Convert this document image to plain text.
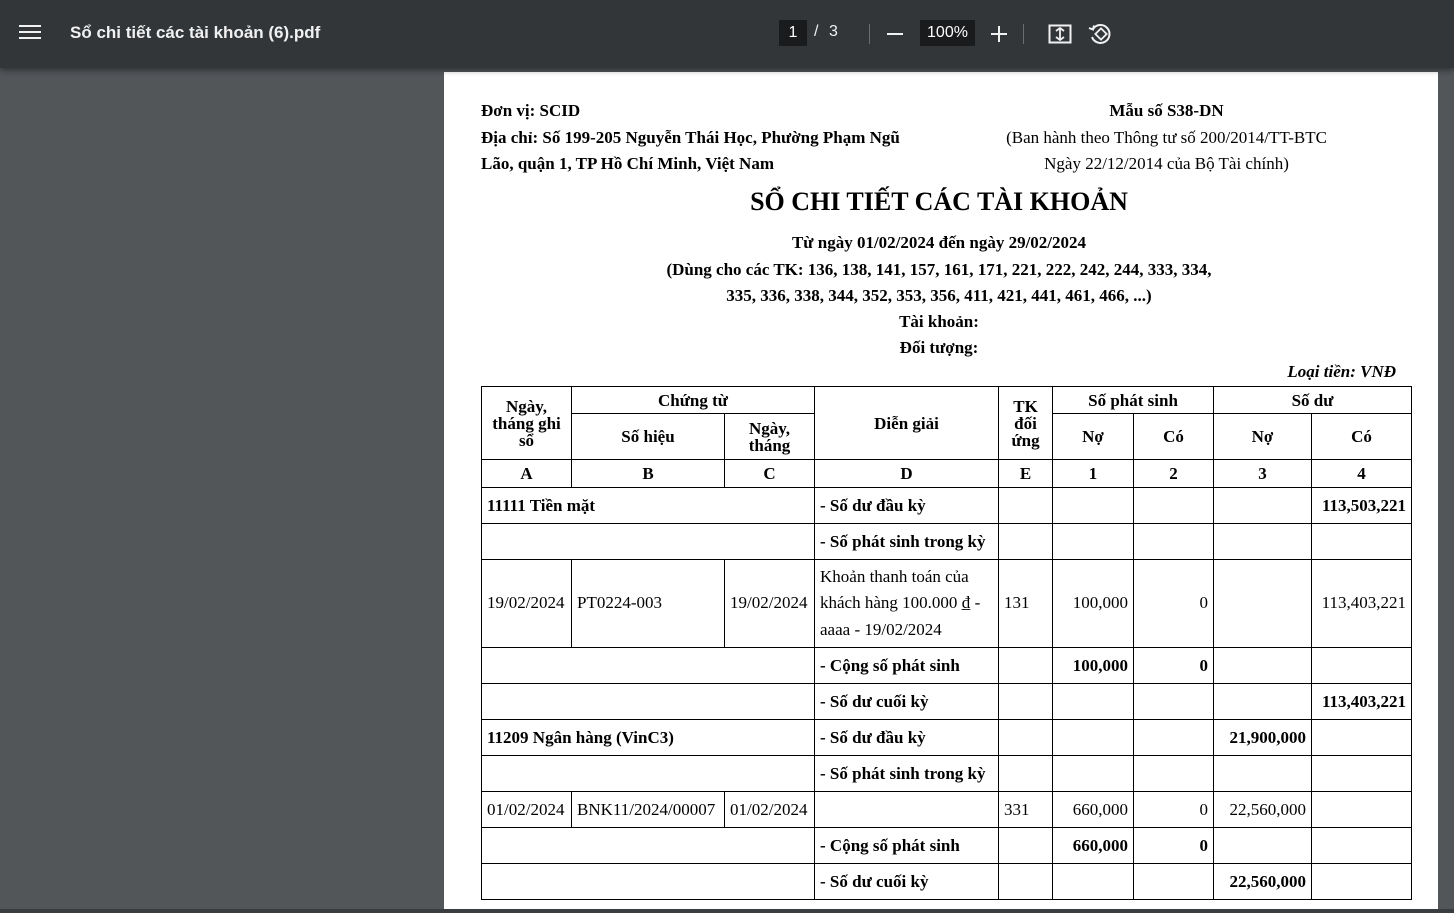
Sổ chi tiết các tài khoản (6).pdf
1	/ 3
100%
Đơn vị: SCID
Địa chỉ: Số 199-205 Nguyễn Thái Học, Phường Phạm Ngũ
Lão, quận 1, TP Hồ Chí Minh, Việt Nam
Mẫu số S38-DN
(Ban hành theo Thông tư số 200/2014/TT-BTC
Ngày 22/12/2014 của Bộ Tài chính)
SỔ CHI TIẾT CÁC TÀI KHOẢN
Từ ngày 01/02/2024 đến ngày 29/02/2024
(Dùng cho các TK: 136, 138, 141, 157, 161, 171, 221, 222, 242, 244, 333, 334,
335, 336, 338, 344, 352, 353, 356, 411, 421, 441, 461, 466, ...)
Tài khoản:
Đối tượng:
Loại tiền: VNĐ
Ngày, tháng ghi sổ	Chứng từ		Diễn giải	TK đối ứng	Số phát sinh		Số dư	
	Số hiệu	Ngày, tháng			Nợ	Có	Nợ	Có
A	B	C	D	E	1	2	3	4
11111 Tiền mặt			- Số dư đầu kỳ					113,503,221
			- Số phát sinh trong kỳ					
19/02/2024	PT0224-003	19/02/2024	Khoản thanh toán của
khách hàng 100.000 ₫ -
aaaa - 19/02/2024	131	100,000	0		113,403,221
			- Cộng số phát sinh		100,000	0		
			- Số dư cuối kỳ					113,403,221
11209 Ngân hàng (VinC3)			- Số dư đầu kỳ				21,900,000	
			- Số phát sinh trong kỳ					
01/02/2024	BNK11/2024/00007	01/02/2024		331	660,000	0	22,560,000	
			- Cộng số phát sinh		660,000	0		
			- Số dư cuối kỳ				22,560,000	
